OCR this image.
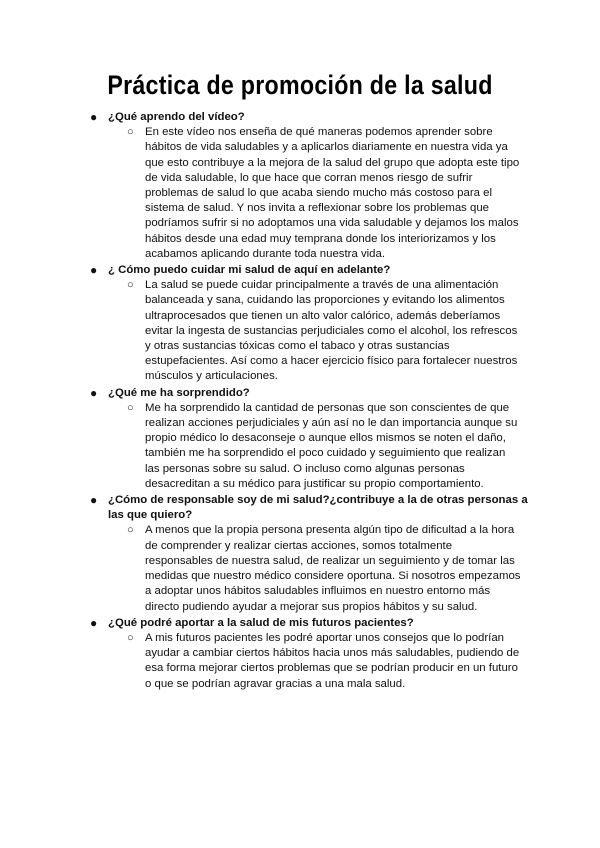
Práctica de promoción de la salud
● ¿Qué aprendo del vídeo?
○ En este vídeo nos enseña de qué maneras podemos aprender sobre hábitos de vida saludables y a aplicarlos diariamente en nuestra vida ya que esto contribuye a la mejora de la salud del grupo que adopta este tipo de vida saludable, lo que hace que corran menos riesgo de sufrir problemas de salud lo que acaba siendo mucho más costoso para el sistema de salud. Y nos invita a reflexionar sobre los problemas que podríamos sufrir si no adoptamos una vida saludable y dejamos los malos hábitos desde una edad muy temprana donde los interiorizamos y los acabamos aplicando durante toda nuestra vida.
● ¿ Cómo puedo cuidar mi salud de aquí en adelante?
○ La salud se puede cuidar principalmente a través de una alimentación balanceada y sana, cuidando las proporciones y evitando los alimentos ultraprocesados que tienen un alto valor calórico, además deberíamos evitar la ingesta de sustancias perjudiciales como el alcohol, los refrescos y otras sustancias tóxicas como el tabaco y otras sustancias estupefacientes. Así como a hacer ejercicio físico para fortalecer nuestros músculos y articulaciones.
● ¿Qué me ha sorprendido?
○ Me ha sorprendido la cantidad de personas que son conscientes de que realizan acciones perjudiciales y aún así no le dan importancia aunque su propio médico lo desaconseje o aunque ellos mismos se noten el daño, también me ha sorprendido el poco cuidado y seguimiento que realizan las personas sobre su salud. O incluso como algunas personas desacreditan a su médico para justificar su propio comportamiento.
● ¿Cómo de responsable soy de mi salud?¿contribuye a la de otras personas a las que quiero?
○ A menos que la propia persona presenta algún tipo de dificultad a la hora de comprender y realizar ciertas acciones, somos totalmente responsables de nuestra salud, de realizar un seguimiento y de tomar las medidas que nuestro médico considere oportuna. Si nosotros empezamos a adoptar unos hábitos saludables influimos en nuestro entorno más directo pudiendo ayudar a mejorar sus propios hábitos y su salud.
● ¿Qué podré aportar a la salud de mis futuros pacientes?
○ A mis futuros pacientes les podré aportar unos consejos que lo podrían ayudar a cambiar ciertos hábitos hacia unos más saludables, pudiendo de esa forma mejorar ciertos problemas que se podrían producir en un futuro o que se podrían agravar gracias a una mala salud.
